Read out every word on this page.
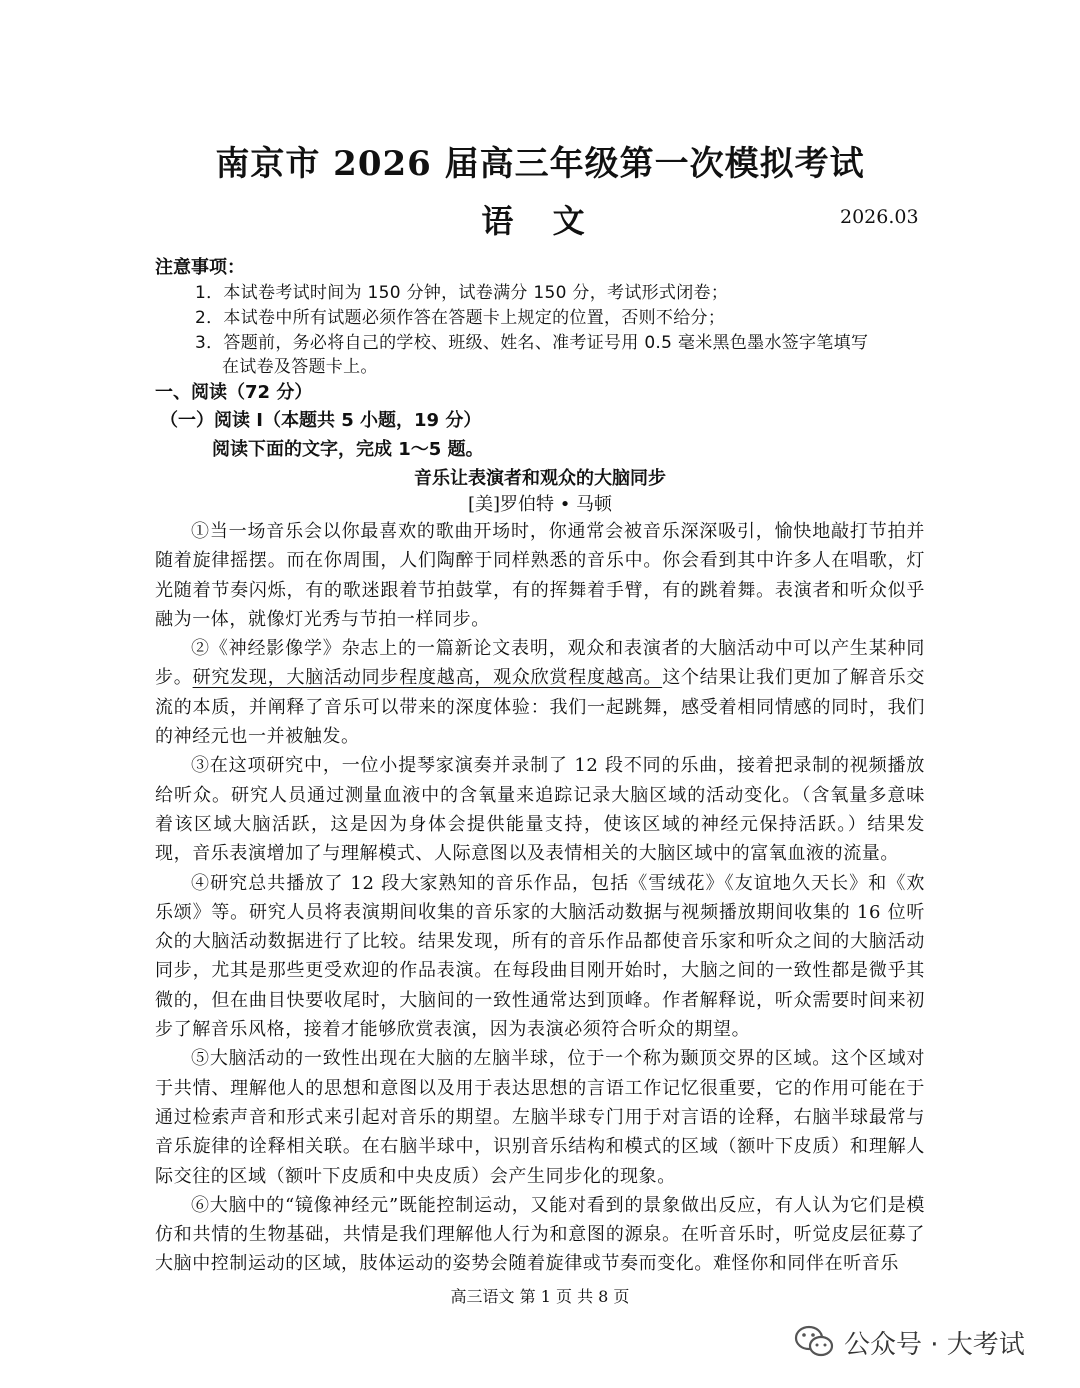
南京市 2026 届高三年级第一次模拟考试
语 文	2026.03
注意事项：
1．本试卷考试时间为 150 分钟，试卷满分 150 分，考试形式闭卷；
2．本试卷中所有试题必须作答在答题卡上规定的位置，否则不给分；
3．答题前，务必将自己的学校、班级、姓名、准考证号用 0.5 毫米黑色墨水签字笔填写
在试卷及答题卡上。
一、阅读（72 分）
（一）阅读 Ⅰ（本题共 5 小题，19 分）
阅读下面的文字，完成 1～5 题。
音乐让表演者和观众的大脑同步
[美]罗伯特 • 马顿

①当一场音乐会以你最喜欢的歌曲开场时，你通常会被音乐深深吸引，愉快地敲打节拍并随着旋律摇摆。而在你周围，人们陶醉于同样熟悉的音乐中。你会看到其中许多人在唱歌，灯光随着节奏闪烁，有的歌迷跟着节拍鼓掌，有的挥舞着手臂，有的跳着舞。表演者和听众似乎融为一体，就像灯光秀与节拍一样同步。

②《神经影像学》杂志上的一篇新论文表明，观众和表演者的大脑活动中可以产生某种同步。研究发现，大脑活动同步程度越高，观众欣赏程度越高。这个结果让我们更加了解音乐交流的本质，并阐释了音乐可以带来的深度体验：我们一起跳舞，感受着相同情感的同时，我们的神经元也一并被触发。

③在这项研究中，一位小提琴家演奏并录制了 12 段不同的乐曲，接着把录制的视频播放给听众。研究人员通过测量血液中的含氧量来追踪记录大脑区域的活动变化。（含氧量多意味着该区域大脑活跃，这是因为身体会提供能量支持，使该区域的神经元保持活跃。）结果发现，音乐表演增加了与理解模式、人际意图以及表情相关的大脑区域中的富氧血液的流量。

④研究总共播放了 12 段大家熟知的音乐作品，包括《雪绒花》《友谊地久天长》和《欢乐颂》等。研究人员将表演期间收集的音乐家的大脑活动数据与视频播放期间收集的 16 位听众的大脑活动数据进行了比较。结果发现，所有的音乐作品都使音乐家和听众之间的大脑活动同步，尤其是那些更受欢迎的作品表演。在每段曲目刚开始时，大脑之间的一致性都是微乎其微的，但在曲目快要收尾时，大脑间的一致性通常达到顶峰。作者解释说，听众需要时间来初步了解音乐风格，接着才能够欣赏表演，因为表演必须符合听众的期望。

⑤大脑活动的一致性出现在大脑的左脑半球，位于一个称为颞顶交界的区域。这个区域对于共情、理解他人的思想和意图以及用于表达思想的言语工作记忆很重要，它的作用可能在于通过检索声音和形式来引起对音乐的期望。左脑半球专门用于对言语的诠释，右脑半球最常与音乐旋律的诠释相关联。在右脑半球中，识别音乐结构和模式的区域（额叶下皮质）和理解人际交往的区域（额叶下皮质和中央皮质）会产生同步化的现象。

⑥大脑中的“镜像神经元”既能控制运动，又能对看到的景象做出反应，有人认为它们是模仿和共情的生物基础，共情是我们理解他人行为和意图的源泉。在听音乐时，听觉皮层征募了大脑中控制运动的区域，肢体运动的姿势会随着旋律或节奏而变化。难怪你和同伴在听音乐

高三语文 第 1 页 共 8 页
公众号 · 大考试
